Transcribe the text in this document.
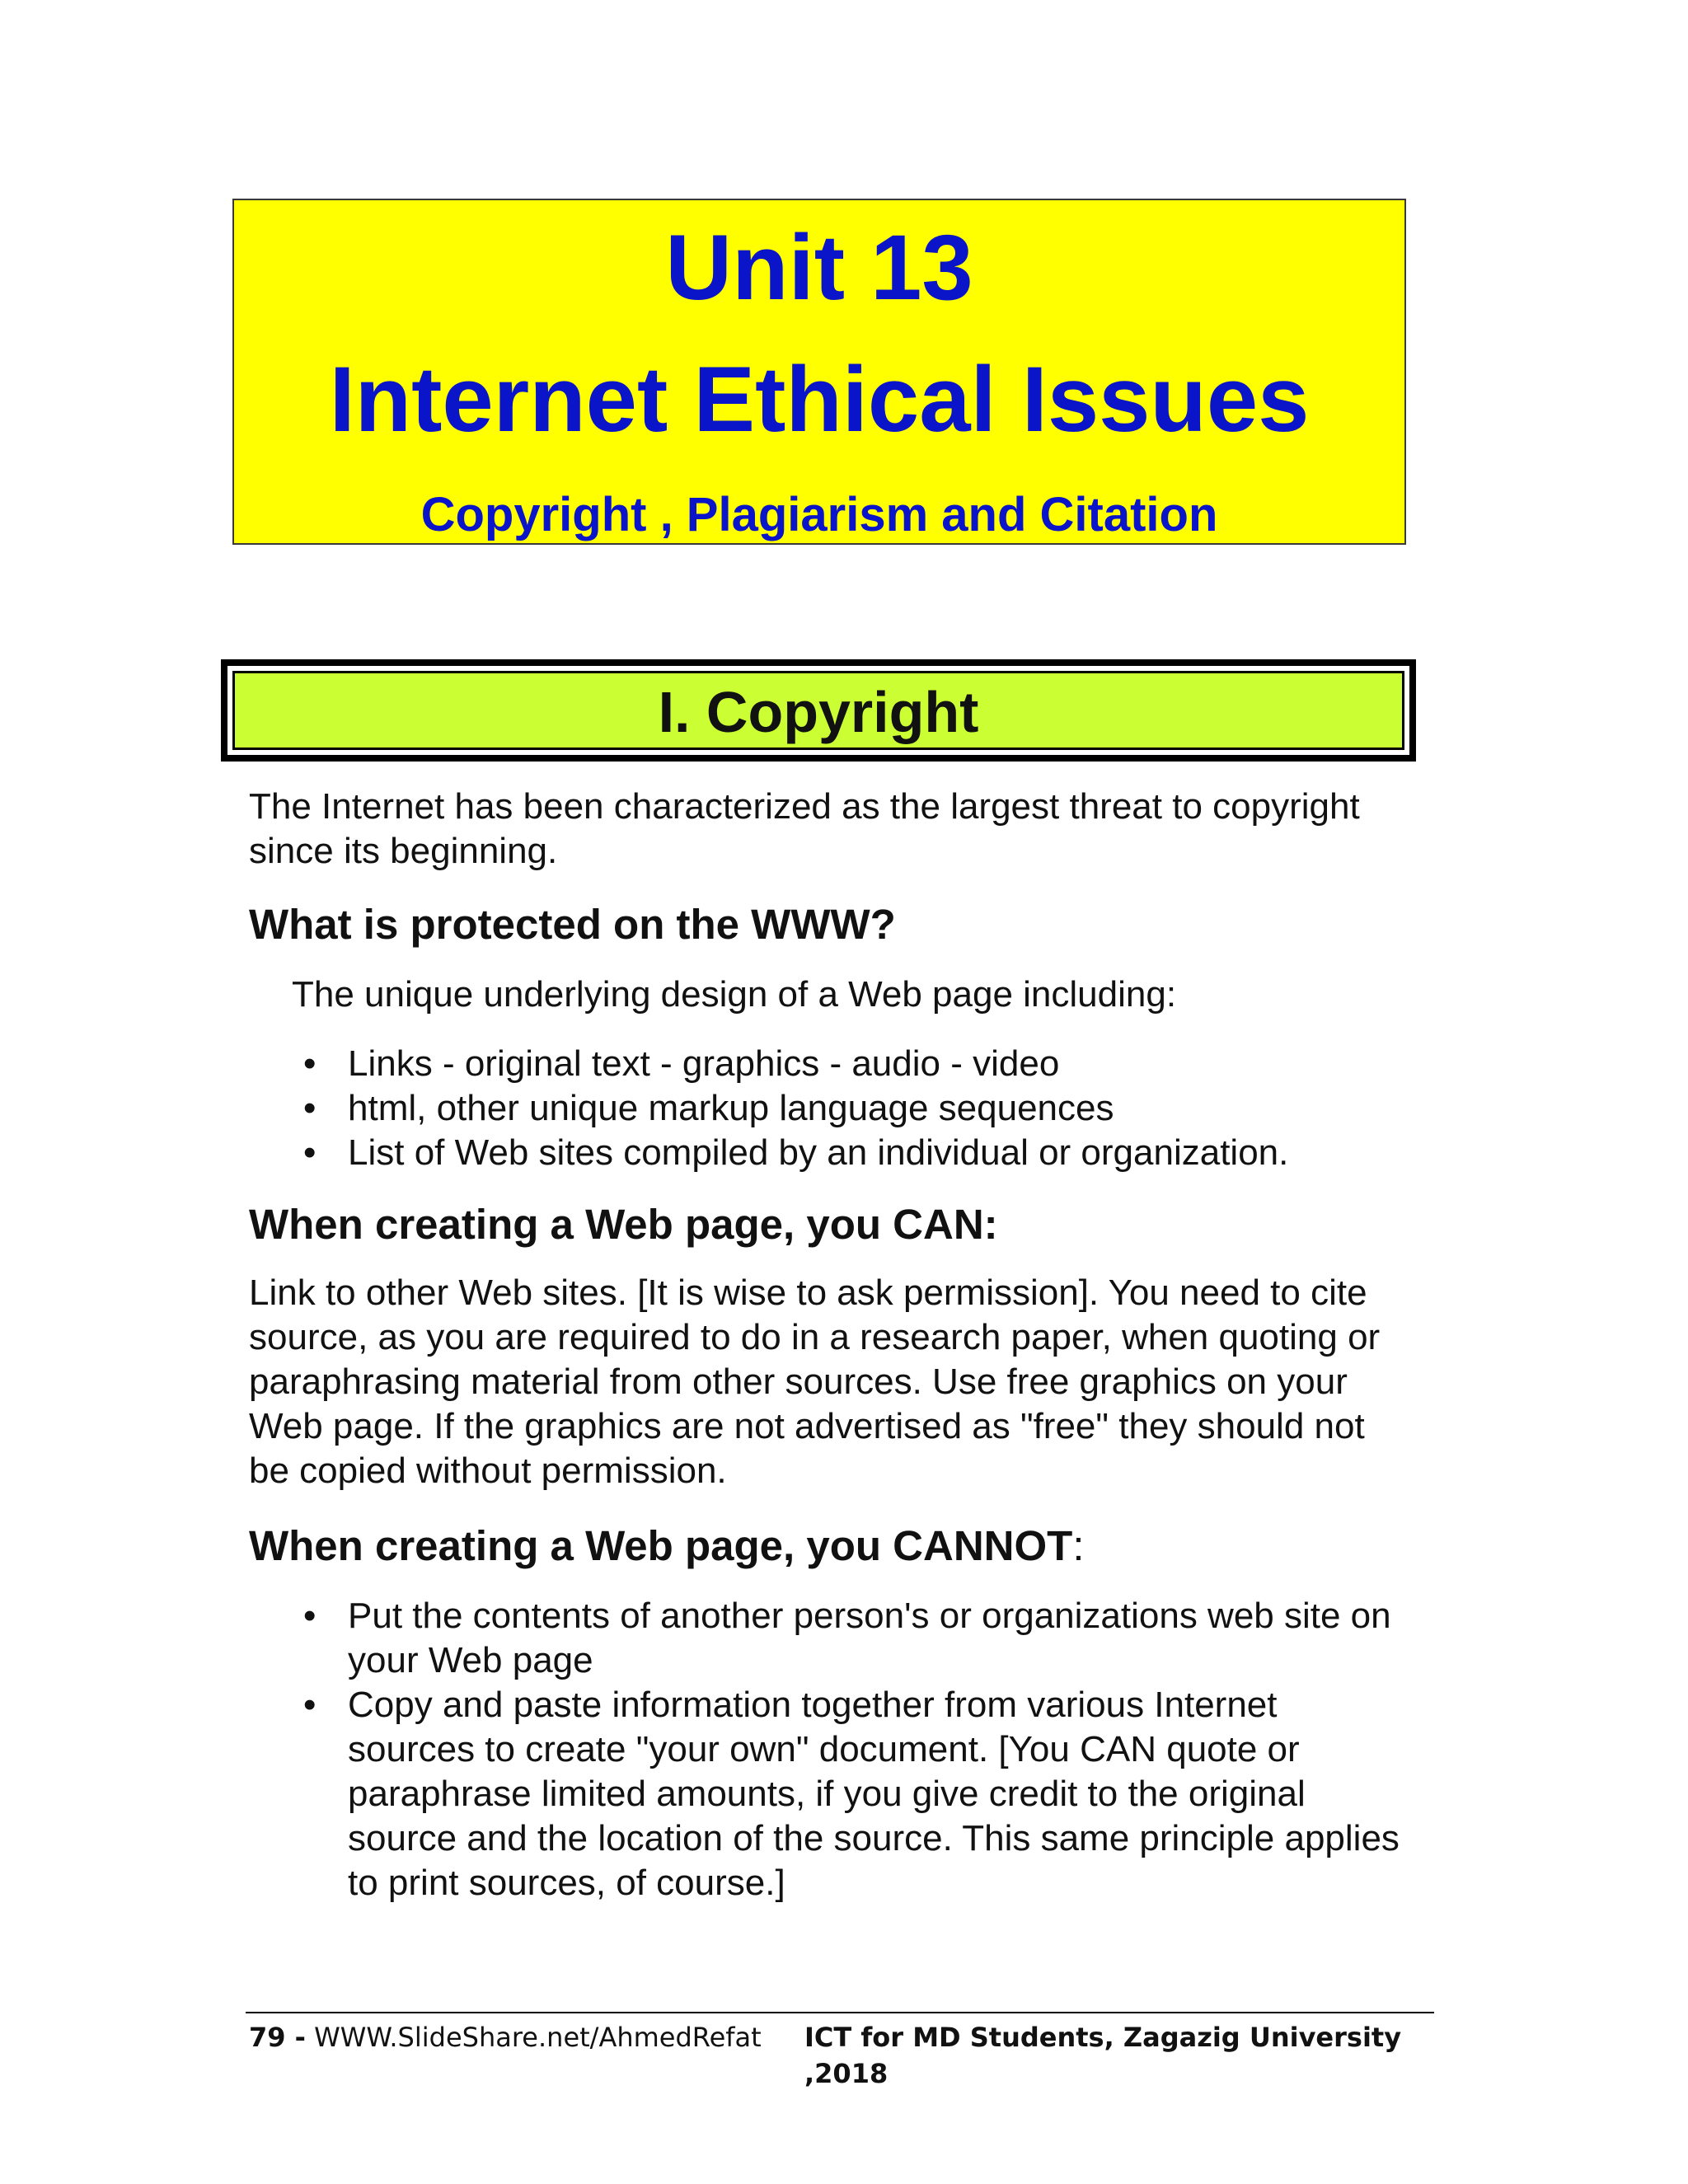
Unit 13
Internet Ethical Issues
Copyright , Plagiarism and Citation
I. Copyright

The Internet has been characterized as the largest threat to copyright since its beginning.

What is protected on the WWW?

The unique underlying design of a Web page including:

• Links - original text - graphics - audio - video
• html, other unique markup language sequences
• List of Web sites compiled by an individual or organization.
When creating a Web page, you CAN:

Link to other Web sites. [It is wise to ask permission]. You need to cite source, as you are required to do in a research paper, when quoting or paraphrasing material from other sources. Use free graphics on your Web page. If the graphics are not advertised as "free" they should not be copied without permission.

When creating a Web page, you CANNOT:
• Put the contents of another person's or organizations web site on your Web page
• Copy and paste information together from various Internet sources to create "your own" document. [You CAN quote or paraphrase limited amounts, if you give credit to the original source and the location of the source. This same principle applies to print sources, of course.]
79 - WWW.SlideShare.net/AhmedRefat ICT for MD Students, Zagazig University ,2018
